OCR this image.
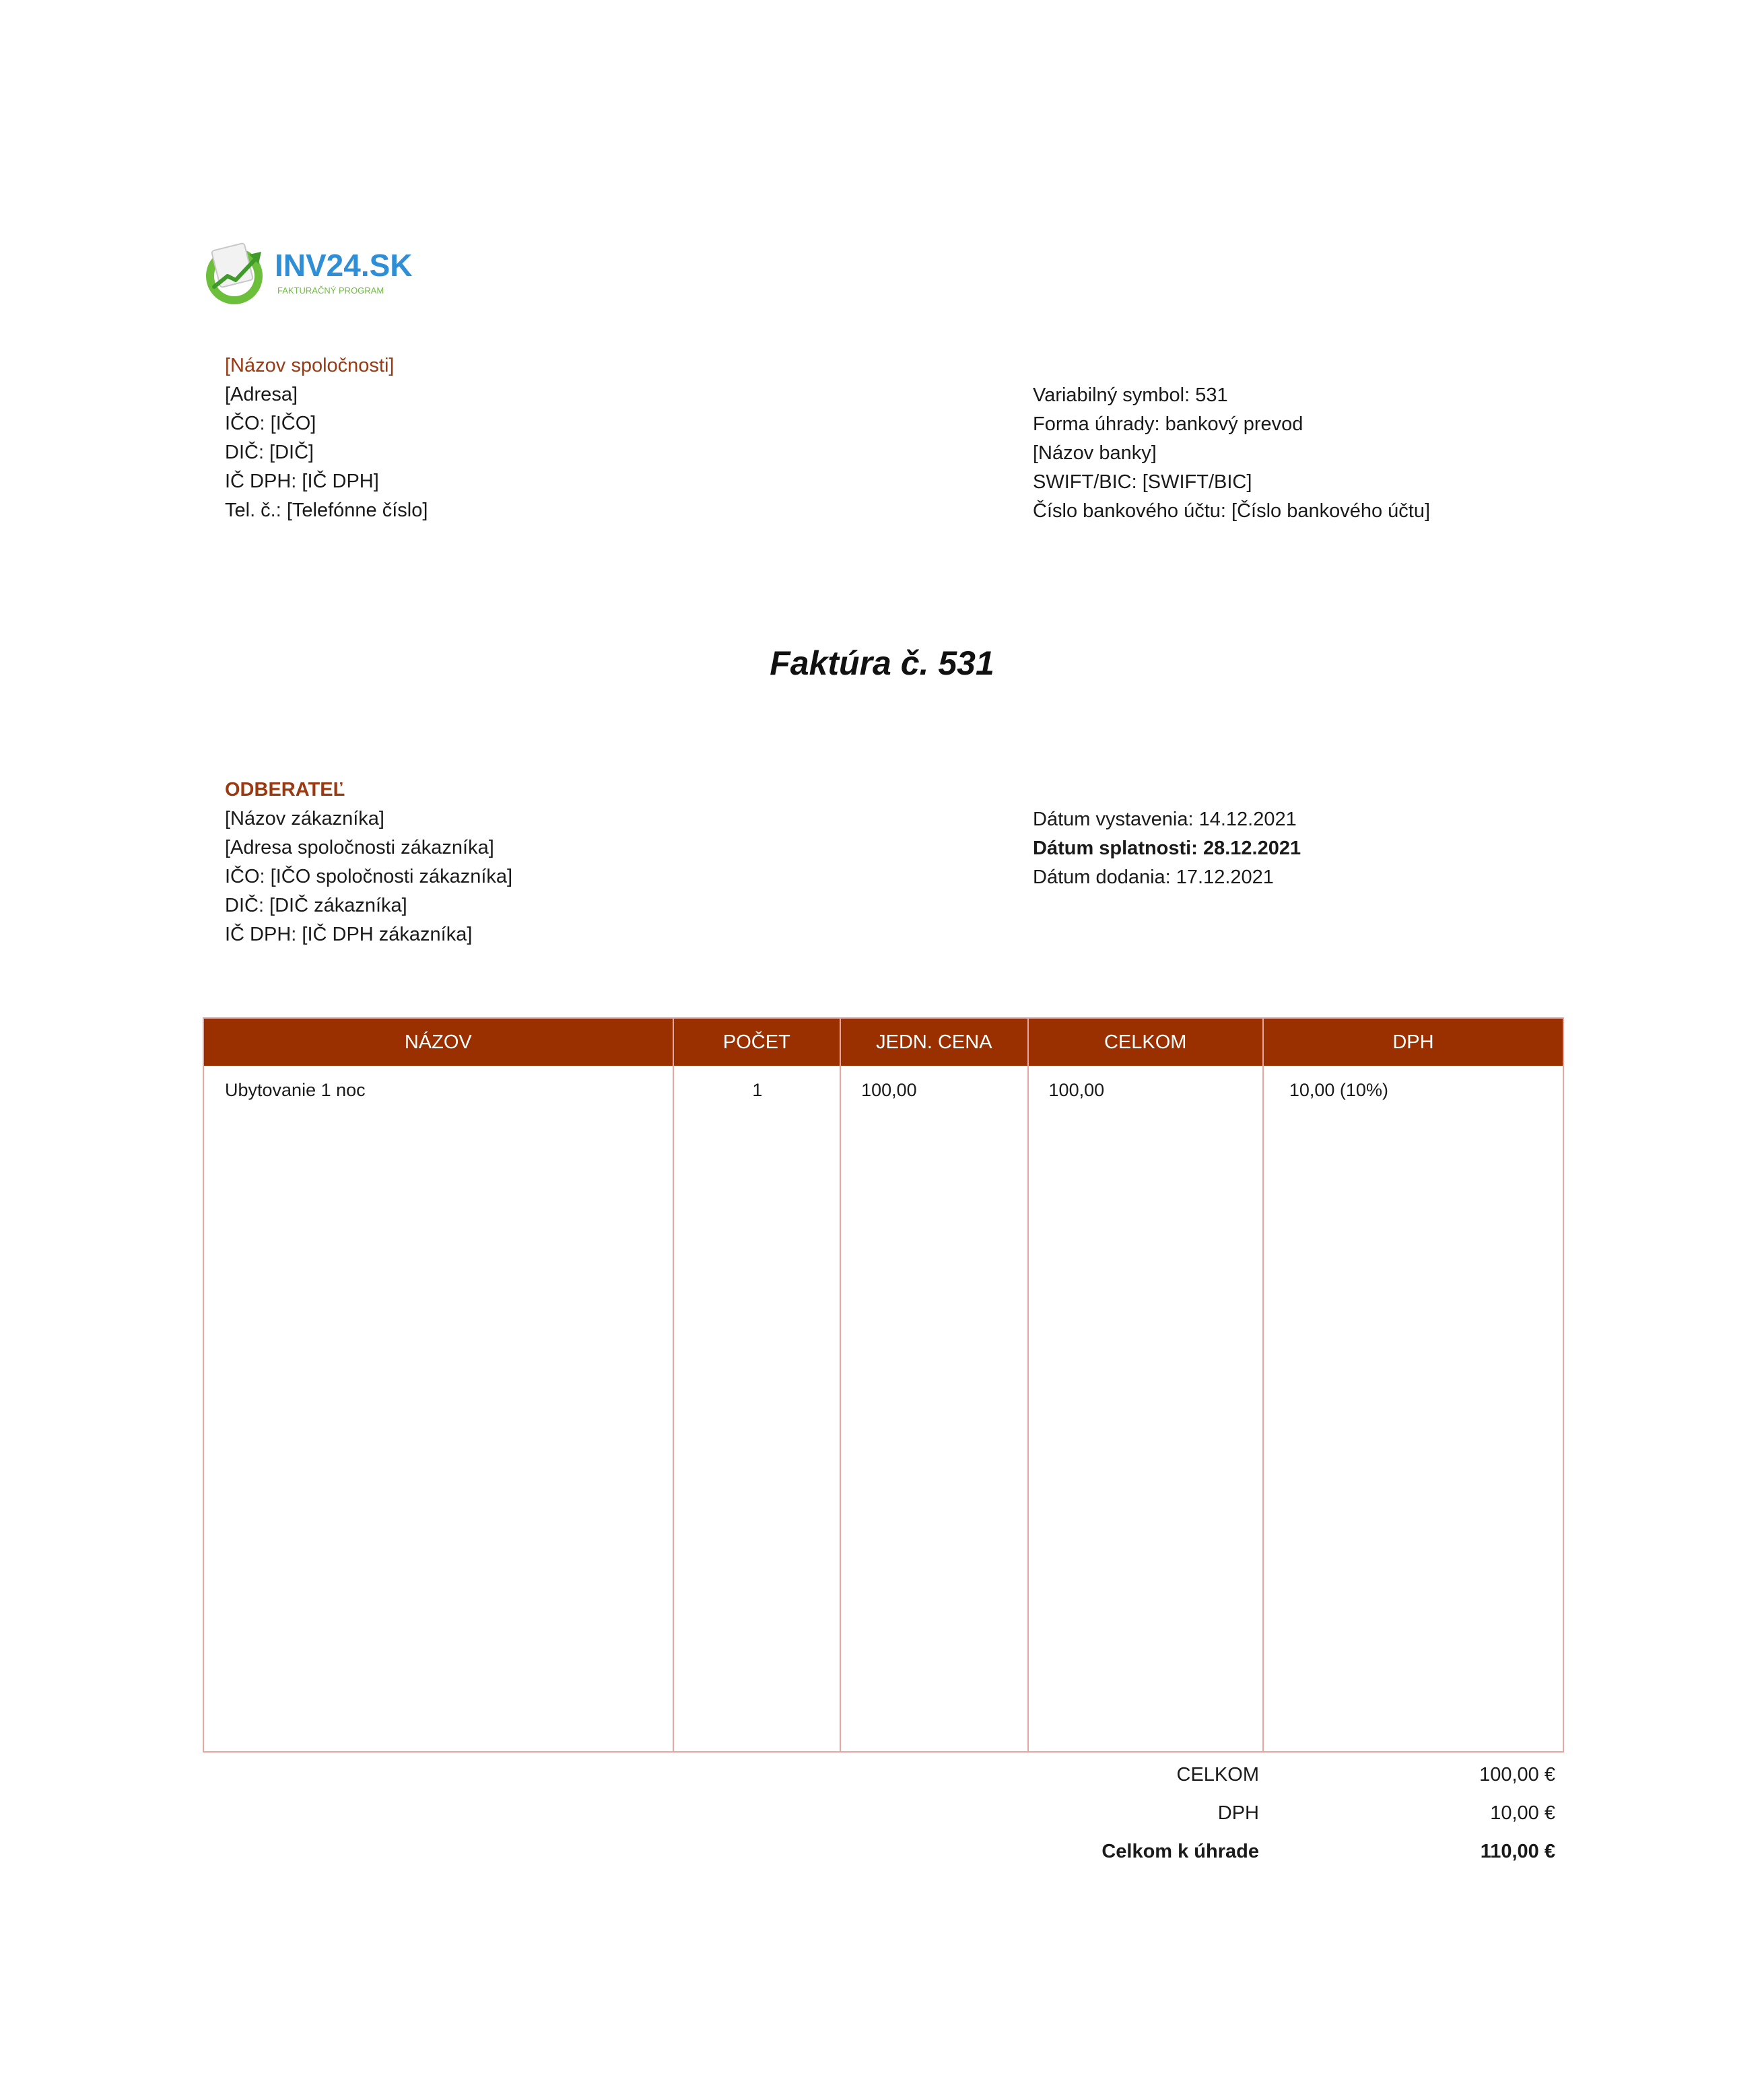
INV24.SK
FAKTURAČNÝ PROGRAM
[Názov spoločnosti]
[Adresa]
IČO: [IČO]
DIČ: [DIČ]
IČ DPH: [IČ DPH]
Tel. č.: [Telefónne číslo]
Variabilný symbol: 531
Forma úhrady: bankový prevod
[Názov banky]
SWIFT/BIC: [SWIFT/BIC]
Číslo bankového účtu: [Číslo bankového účtu]
Faktúra č. 531
ODBERATEĽ
[Názov zákazníka]
[Adresa spoločnosti zákazníka]
IČO: [IČO spoločnosti zákazníka]
DIČ: [DIČ zákazníka]
IČ DPH: [IČ DPH zákazníka]
Dátum vystavenia: 14.12.2021
Dátum splatnosti: 28.12.2021
Dátum dodania: 17.12.2021
NÁZOV	POČET	JEDN. CENA	CELKOM	DPH
Ubytovanie 1 noc	1	100,00	100,00	10,00 (10%)
CELKOM	100,00 €
DPH	10,00 €
Celkom k úhrade	110,00 €
